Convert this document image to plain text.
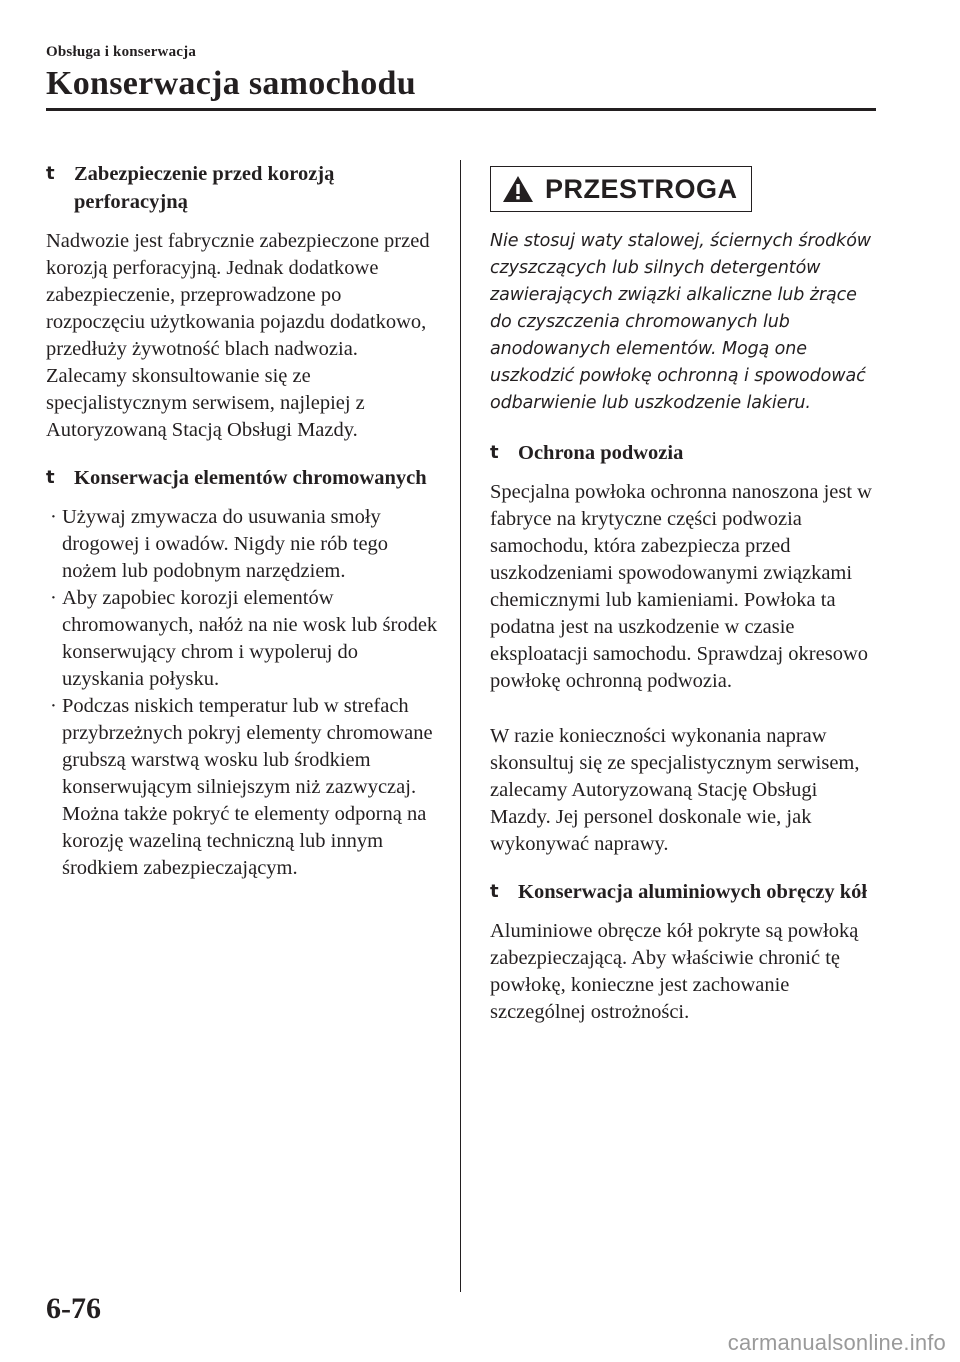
Obsługa i konserwacja
Konserwacja samochodu
t Zabezpieczenie przed korozją perforacyjną

Nadwozie jest fabrycznie zabezpieczone przed korozją perforacyjną. Jednak dodatkowe zabezpieczenie, przeprowadzone po rozpoczęciu użytkowania pojazdu dodatkowo, przedłuży żywotność blach nadwozia. Zalecamy skonsultowanie się ze specjalistycznym serwisem, najlepiej z Autoryzowaną Stacją Obsługi Mazdy.

t Konserwacja elementów chromowanych
· Używaj zmywacza do usuwania smoły drogowej i owadów. Nigdy nie rób tego nożem lub podobnym narzędziem.
· Aby zapobiec korozji elementów chromowanych, nałóż na nie wosk lub środek konserwujący chrom i wypoleruj do uzyskania połysku.
· Podczas niskich temperatur lub w strefach przybrzeżnych pokryj elementy chromowane grubszą warstwą wosku lub środkiem konserwującym silniejszym niż zazwyczaj. Można także pokryć te elementy odporną na korozję wazeliną techniczną lub innym środkiem zabezpieczającym.
PRZESTROGA

Nie stosuj waty stalowej, ściernych środków czyszczących lub silnych detergentów zawierających związki alkaliczne lub żrące do czyszczenia chromowanych lub anodowanych elementów. Mogą one uszkodzić powłokę ochronną i spowodować odbarwienie lub uszkodzenie lakieru.

t Ochrona podwozia

Specjalna powłoka ochronna nanoszona jest w fabryce na krytyczne części podwozia samochodu, która zabezpiecza przed uszkodzeniami spowodowanymi związkami chemicznymi lub kamieniami. Powłoka ta podatna jest na uszkodzenie w czasie eksploatacji samochodu. Sprawdzaj okresowo powłokę ochronną podwozia.

W razie konieczności wykonania napraw skonsultuj się ze specjalistycznym serwisem, zalecamy Autoryzowaną Stację Obsługi Mazdy. Jej personel doskonale wie, jak wykonywać naprawy.

t Konserwacja aluminiowych obręczy kół

Aluminiowe obręcze kół pokryte są powłoką zabezpieczającą. Aby właściwie chronić tę powłokę, konieczne jest zachowanie szczególnej ostrożności.

6-76
carmanualsonline.info
